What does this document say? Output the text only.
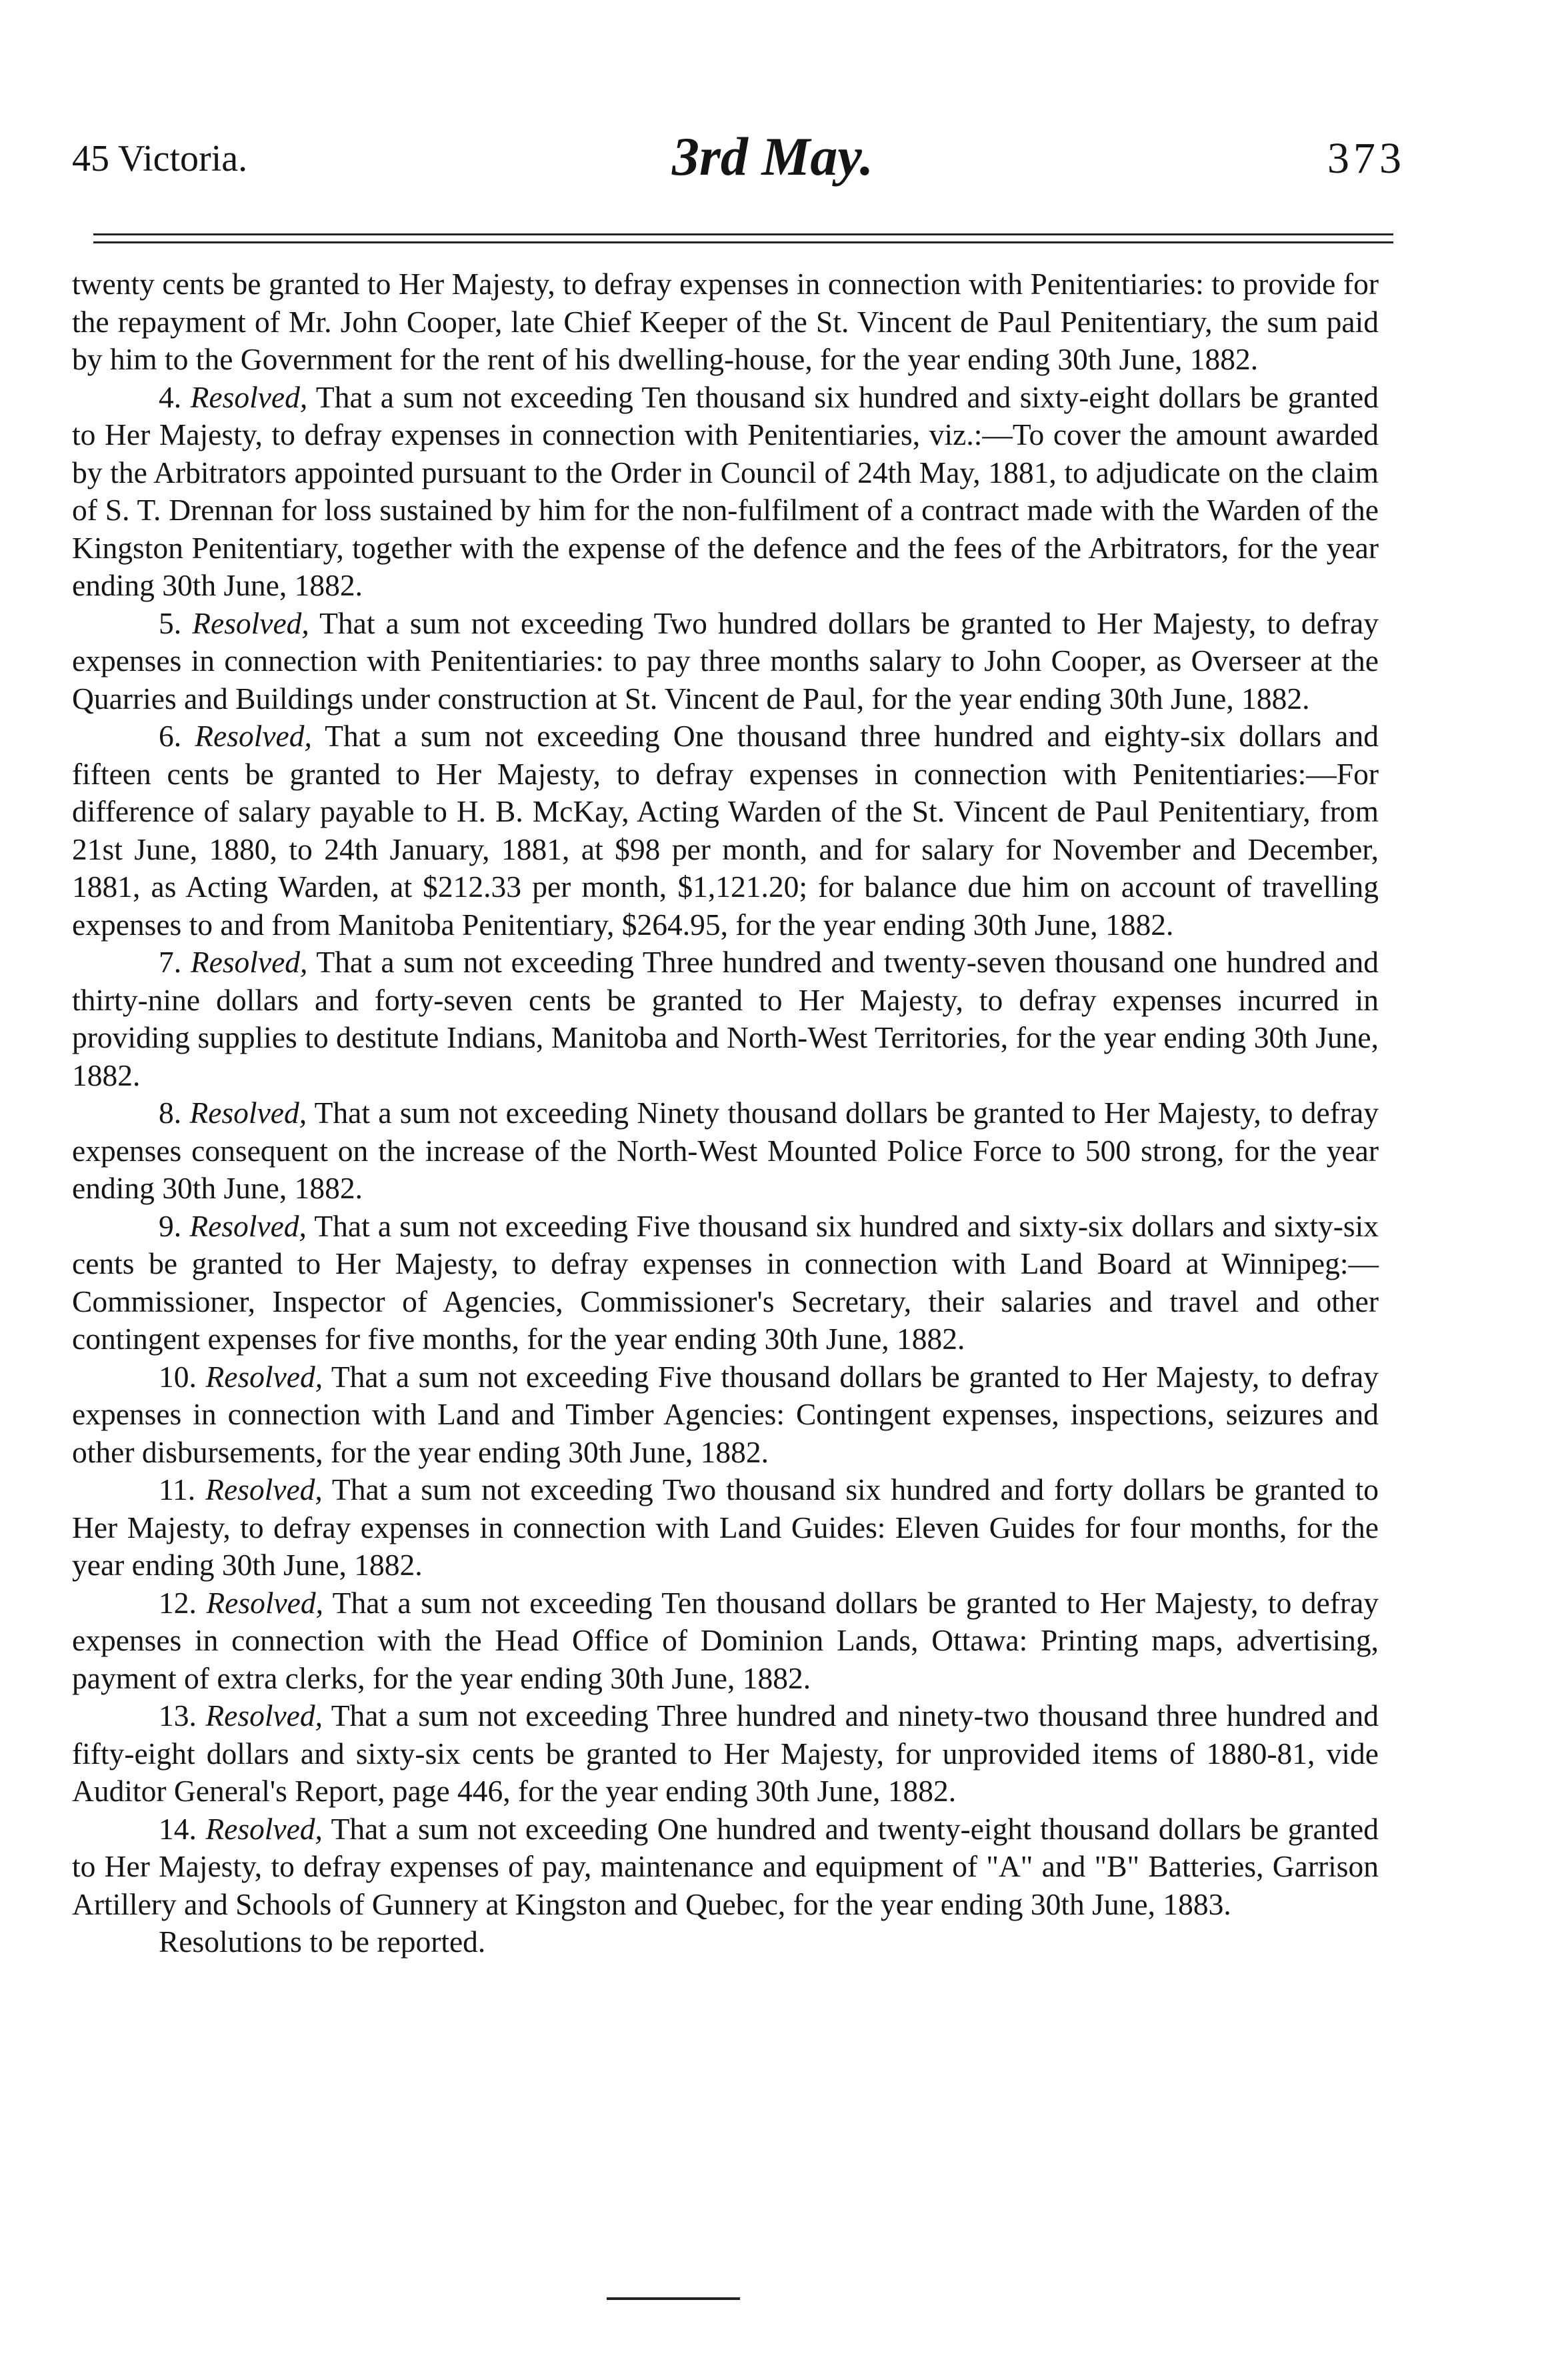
45 Victoria.	3rd May.	373

twenty cents be granted to Her Majesty, to defray expenses in connection with Penitentiaries: to provide for the repayment of Mr. John Cooper, late Chief Keeper of the St. Vincent de Paul Penitentiary, the sum paid by him to the Government for the rent of his dwelling-house, for the year ending 30th June, 1882.

4. Resolved, That a sum not exceeding Ten thousand six hundred and sixty-eight dollars be granted to Her Majesty, to defray expenses in connection with Penitentiaries, viz.:—To cover the amount awarded by the Arbitrators appointed pursuant to the Order in Council of 24th May, 1881, to adjudicate on the claim of S. T. Drennan for loss sustained by him for the non-fulfilment of a contract made with the Warden of the Kingston Penitentiary, together with the expense of the defence and the fees of the Arbitrators, for the year ending 30th June, 1882.

5. Resolved, That a sum not exceeding Two hundred dollars be granted to Her Majesty, to defray expenses in connection with Penitentiaries: to pay three months salary to John Cooper, as Overseer at the Quarries and Buildings under construction at St. Vincent de Paul, for the year ending 30th June, 1882.

6. Resolved, That a sum not exceeding One thousand three hundred and eighty-six dollars and fifteen cents be granted to Her Majesty, to defray expenses in connection with Penitentiaries:—For difference of salary payable to H. B. McKay, Acting Warden of the St. Vincent de Paul Penitentiary, from 21st June, 1880, to 24th January, 1881, at $98 per month, and for salary for November and December, 1881, as Acting Warden, at $212.33 per month, $1,121.20; for balance due him on account of travelling expenses to and from Manitoba Penitentiary, $264.95, for the year ending 30th June, 1882.

7. Resolved, That a sum not exceeding Three hundred and twenty-seven thousand one hundred and thirty-nine dollars and forty-seven cents be granted to Her Majesty, to defray expenses incurred in providing supplies to destitute Indians, Manitoba and North-West Territories, for the year ending 30th June, 1882.

8. Resolved, That a sum not exceeding Ninety thousand dollars be granted to Her Majesty, to defray expenses consequent on the increase of the North-West Mounted Police Force to 500 strong, for the year ending 30th June, 1882.

9. Resolved, That a sum not exceeding Five thousand six hundred and sixty-six dollars and sixty-six cents be granted to Her Majesty, to defray expenses in connection with Land Board at Winnipeg:—Commissioner, Inspector of Agencies, Commissioner's Secretary, their salaries and travel and other contingent expenses for five months, for the year ending 30th June, 1882.

10. Resolved, That a sum not exceeding Five thousand dollars be granted to Her Majesty, to defray expenses in connection with Land and Timber Agencies: Contingent expenses, inspections, seizures and other disbursements, for the year ending 30th June, 1882.

11. Resolved, That a sum not exceeding Two thousand six hundred and forty dollars be granted to Her Majesty, to defray expenses in connection with Land Guides: Eleven Guides for four months, for the year ending 30th June, 1882.

12. Resolved, That a sum not exceeding Ten thousand dollars be granted to Her Majesty, to defray expenses in connection with the Head Office of Dominion Lands, Ottawa: Printing maps, advertising, payment of extra clerks, for the year ending 30th June, 1882.

13. Resolved, That a sum not exceeding Three hundred and ninety-two thousand three hundred and fifty-eight dollars and sixty-six cents be granted to Her Majesty, for unprovided items of 1880-81, vide Auditor General's Report, page 446, for the year ending 30th June, 1882.

14. Resolved, That a sum not exceeding One hundred and twenty-eight thousand dollars be granted to Her Majesty, to defray expenses of pay, maintenance and equipment of "A" and "B" Batteries, Garrison Artillery and Schools of Gunnery at Kingston and Quebec, for the year ending 30th June, 1883.

Resolutions to be reported.
